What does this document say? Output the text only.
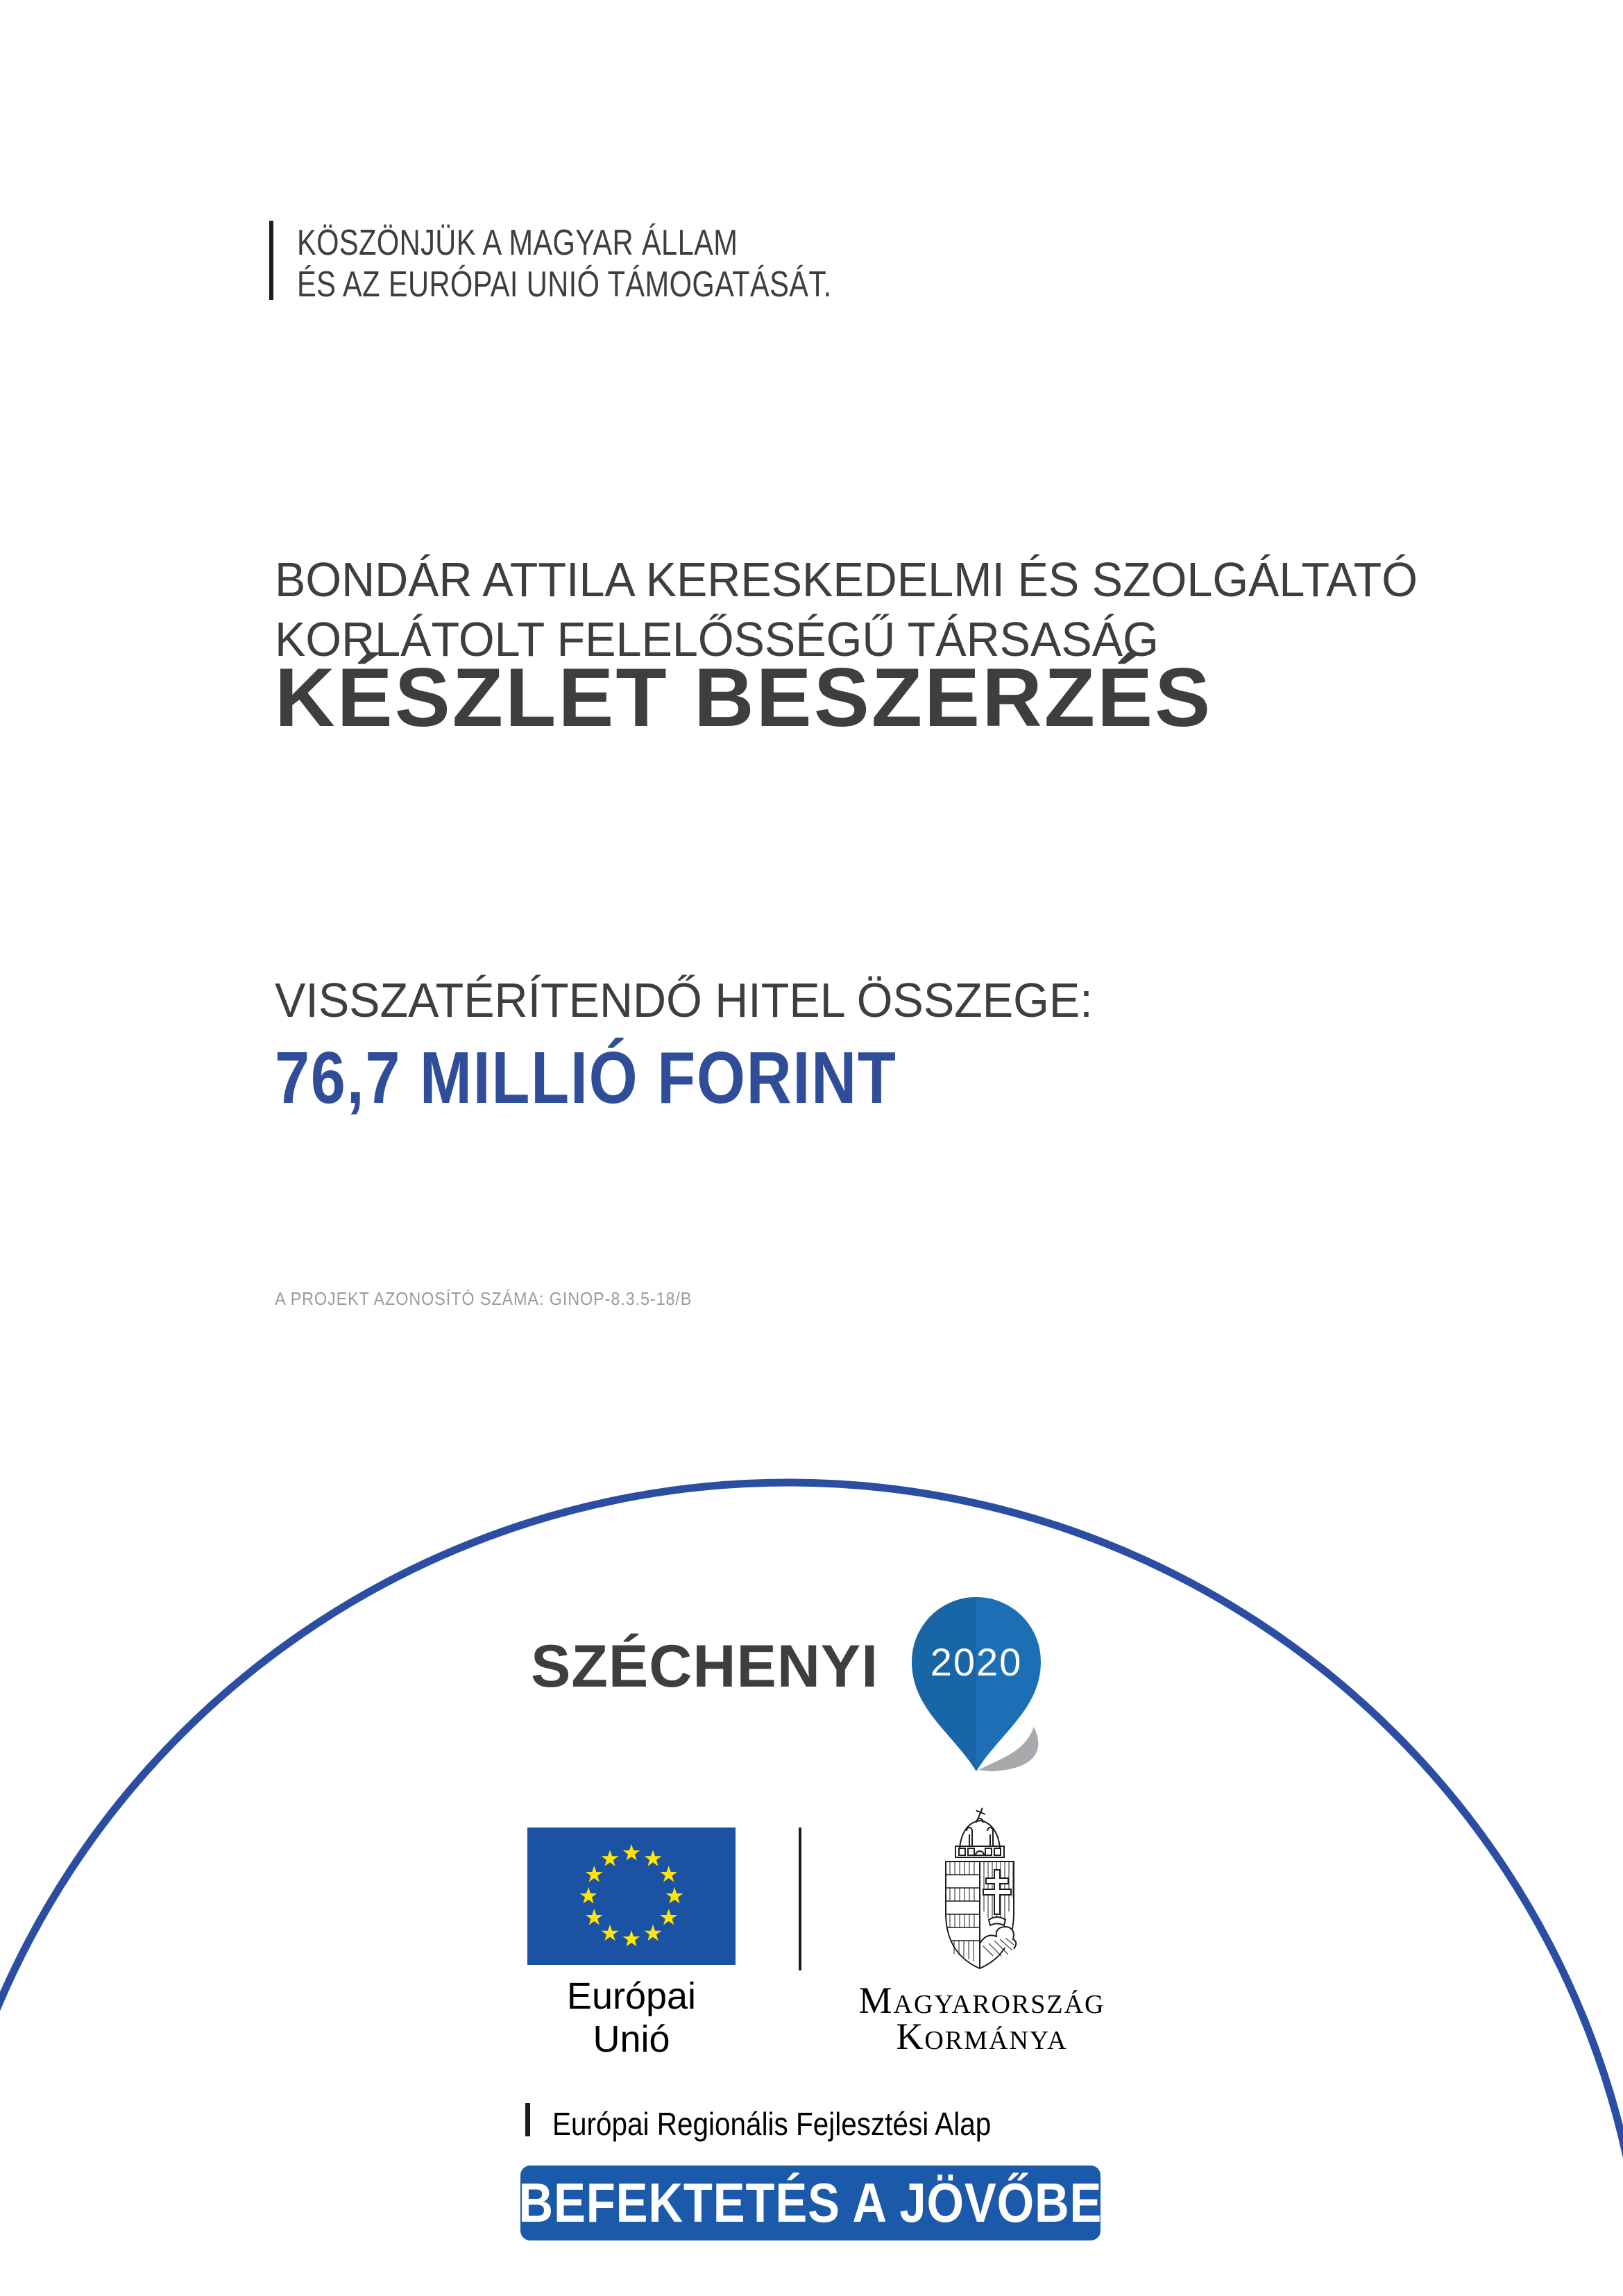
KÖSZÖNJÜK A MAGYAR ÁLLAM
ÉS AZ EURÓPAI UNIÓ TÁMOGATÁSÁT.
BONDÁR ATTILA KERESKEDELMI ÉS SZOLGÁLTATÓ
KORLÁTOLT FELELŐSSÉGŰ TÁRSASÁG
KÉSZLET BESZERZÉS
VISSZATÉRÍTENDŐ HITEL ÖSSZEGE:
76,7 MILLIÓ FORINT
A PROJEKT AZONOSÍTÓ SZÁMA: GINOP-8.3.5-18/B
SZÉCHENYI 2020
Európai Unió
Magyarország
Kormánya
Európai Regionális Fejlesztési Alap
BEFEKTETÉS A JÖVŐBE
